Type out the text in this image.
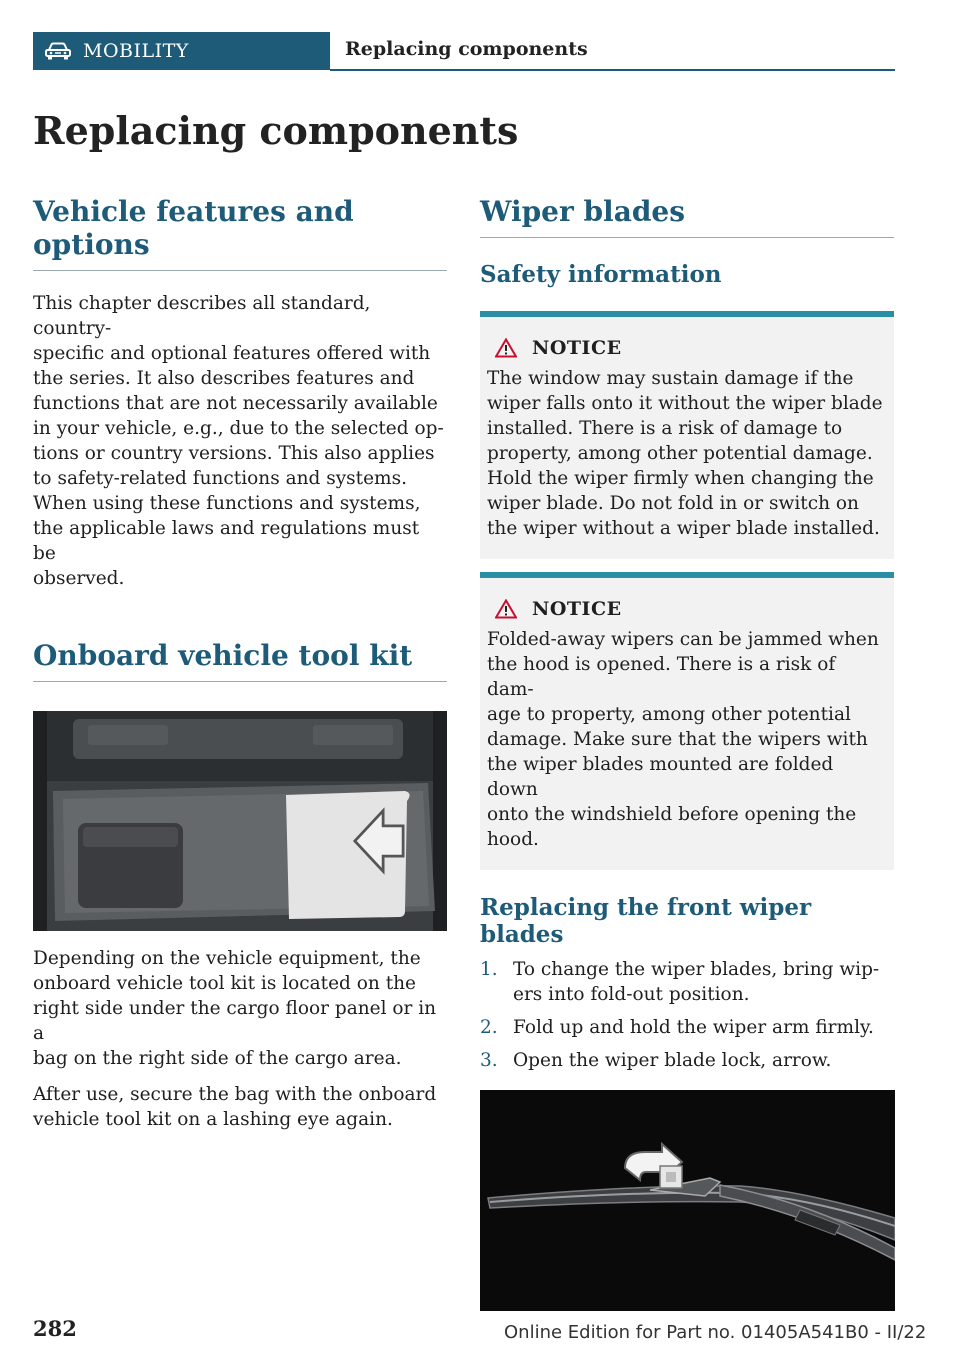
MOBILITY	Replacing components
Replacing components
Vehicle features and options

This chapter describes all standard, country-
specific and optional features offered with
the series. It also describes features and
functions that are not necessarily available
in your vehicle, e.g., due to the selected op-
tions or country versions. This also applies
to safety-related functions and systems.
When using these functions and systems,
the applicable laws and regulations must be
observed.

Onboard vehicle tool kit

Depending on the vehicle equipment, the
onboard vehicle tool kit is located on the
right side under the cargo floor panel or in a
bag on the right side of the cargo area.

After use, secure the bag with the onboard
vehicle tool kit on a lashing eye again.

Wiper blades
Safety information
NOTICE

The window may sustain damage if the
wiper falls onto it without the wiper blade
installed. There is a risk of damage to
property, among other potential damage.
Hold the wiper firmly when changing the
wiper blade. Do not fold in or switch on
the wiper without a wiper blade installed.

NOTICE

Folded-away wipers can be jammed when
the hood is opened. There is a risk of dam-
age to property, among other potential
damage. Make sure that the wipers with
the wiper blades mounted are folded down
onto the windshield before opening the
hood.

Replacing the front wiper blades
1. To change the wiper blades, bring wip-
ers into fold-out position.
2. Fold up and hold the wiper arm firmly.
3. Open the wiper blade lock, arrow.
282	Online Edition for Part no. 01405A541B0 - II/22
